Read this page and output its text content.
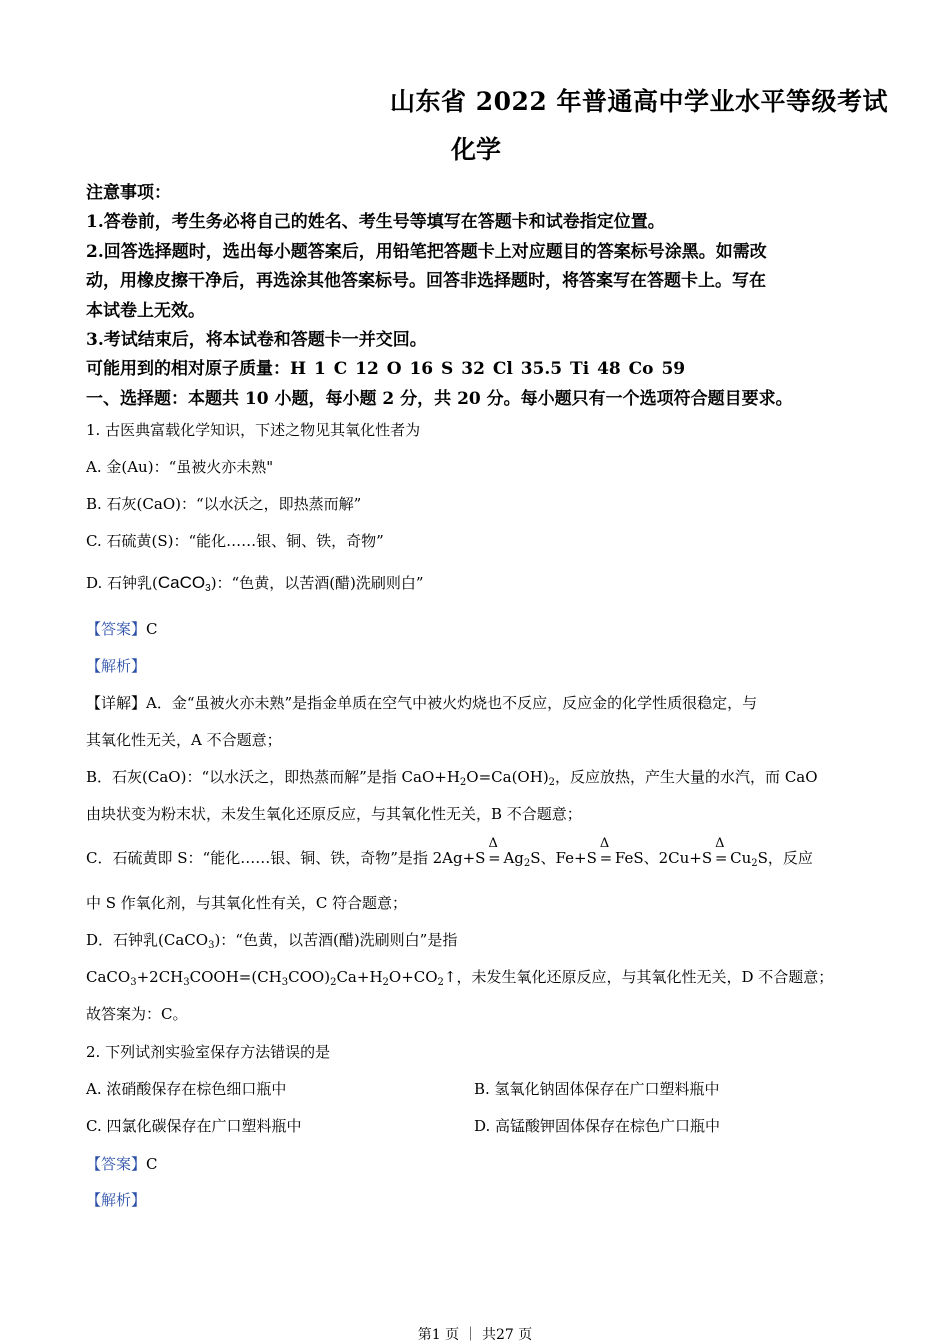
山东省 2022 年普通高中学业水平等级考试
化学
注意事项：
1.答卷前，考生务必将自己的姓名、考生号等填写在答题卡和试卷指定位置。
2.回答选择题时，选出每小题答案后，用铅笔把答题卡上对应题目的答案标号涂黑。如需改
动，用橡皮擦干净后，再选涂其他答案标号。回答非选择题时，将答案写在答题卡上。写在
本试卷上无效。
3.考试结束后，将本试卷和答题卡一并交回。
可能用到的相对原子质量：H 1 C 12 O 16 S 32 Cl 35.5 Ti 48 Co 59
一、选择题：本题共 10 小题，每小题 2 分，共 20 分。每小题只有一个选项符合题目要求。
1. 古医典富载化学知识，下述之物见其氧化性者为
A. 金(Au)：“虽被火亦未熟"
B. 石灰(CaO)：“以水沃之，即热蒸而解”
C. 石硫黄(S)：“能化……银、铜、铁，奇物”
D. 石钟乳(CaCO$_3$)：“色黄，以苦酒(醋)洗刷则白”
【答案】C
【解析】
【详解】A．金“虽被火亦未熟”是指金单质在空气中被火灼烧也不反应，反应金的化学性质很稳定，与
其氧化性无关，A 不合题意；
B．石灰(CaO)：“以水沃之，即热蒸而解”是指 $CaO+H_2O=Ca(OH)_2$，反应放热，产生大量的水汽，而 CaO
由块状变为粉末状，未发生氧化还原反应，与其氧化性无关，B 不合题意；
C．石硫黄即 S：“能化……银、铜、铁，奇物”是指 2Ag+S
Δ
= $Ag_2S$、Fe+S
Δ
= FeS、2Cu+S
Δ
= $Cu_2S$，反应
中 S 作氧化剂，与其氧化性有关，C 符合题意；
D．石钟乳(CaCO$_3$)：“色黄，以苦酒(醋)洗刷则白”是指
$CaCO_3+2CH_3COOH=(CH_3COO)_2Ca+H_2O+CO_2↑$，未发生氧化还原反应，与其氧化性无关，D 不合题意；
故答案为：C。
2. 下列试剂实验室保存方法错误的是
A. 浓硝酸保存在棕色细口瓶中	B. 氢氧化钠固体保存在广口塑料瓶中
C. 四氯化碳保存在广口塑料瓶中	D. 高锰酸钾固体保存在棕色广口瓶中
【答案】C
【解析】
第1 页 ｜ 共27 页
